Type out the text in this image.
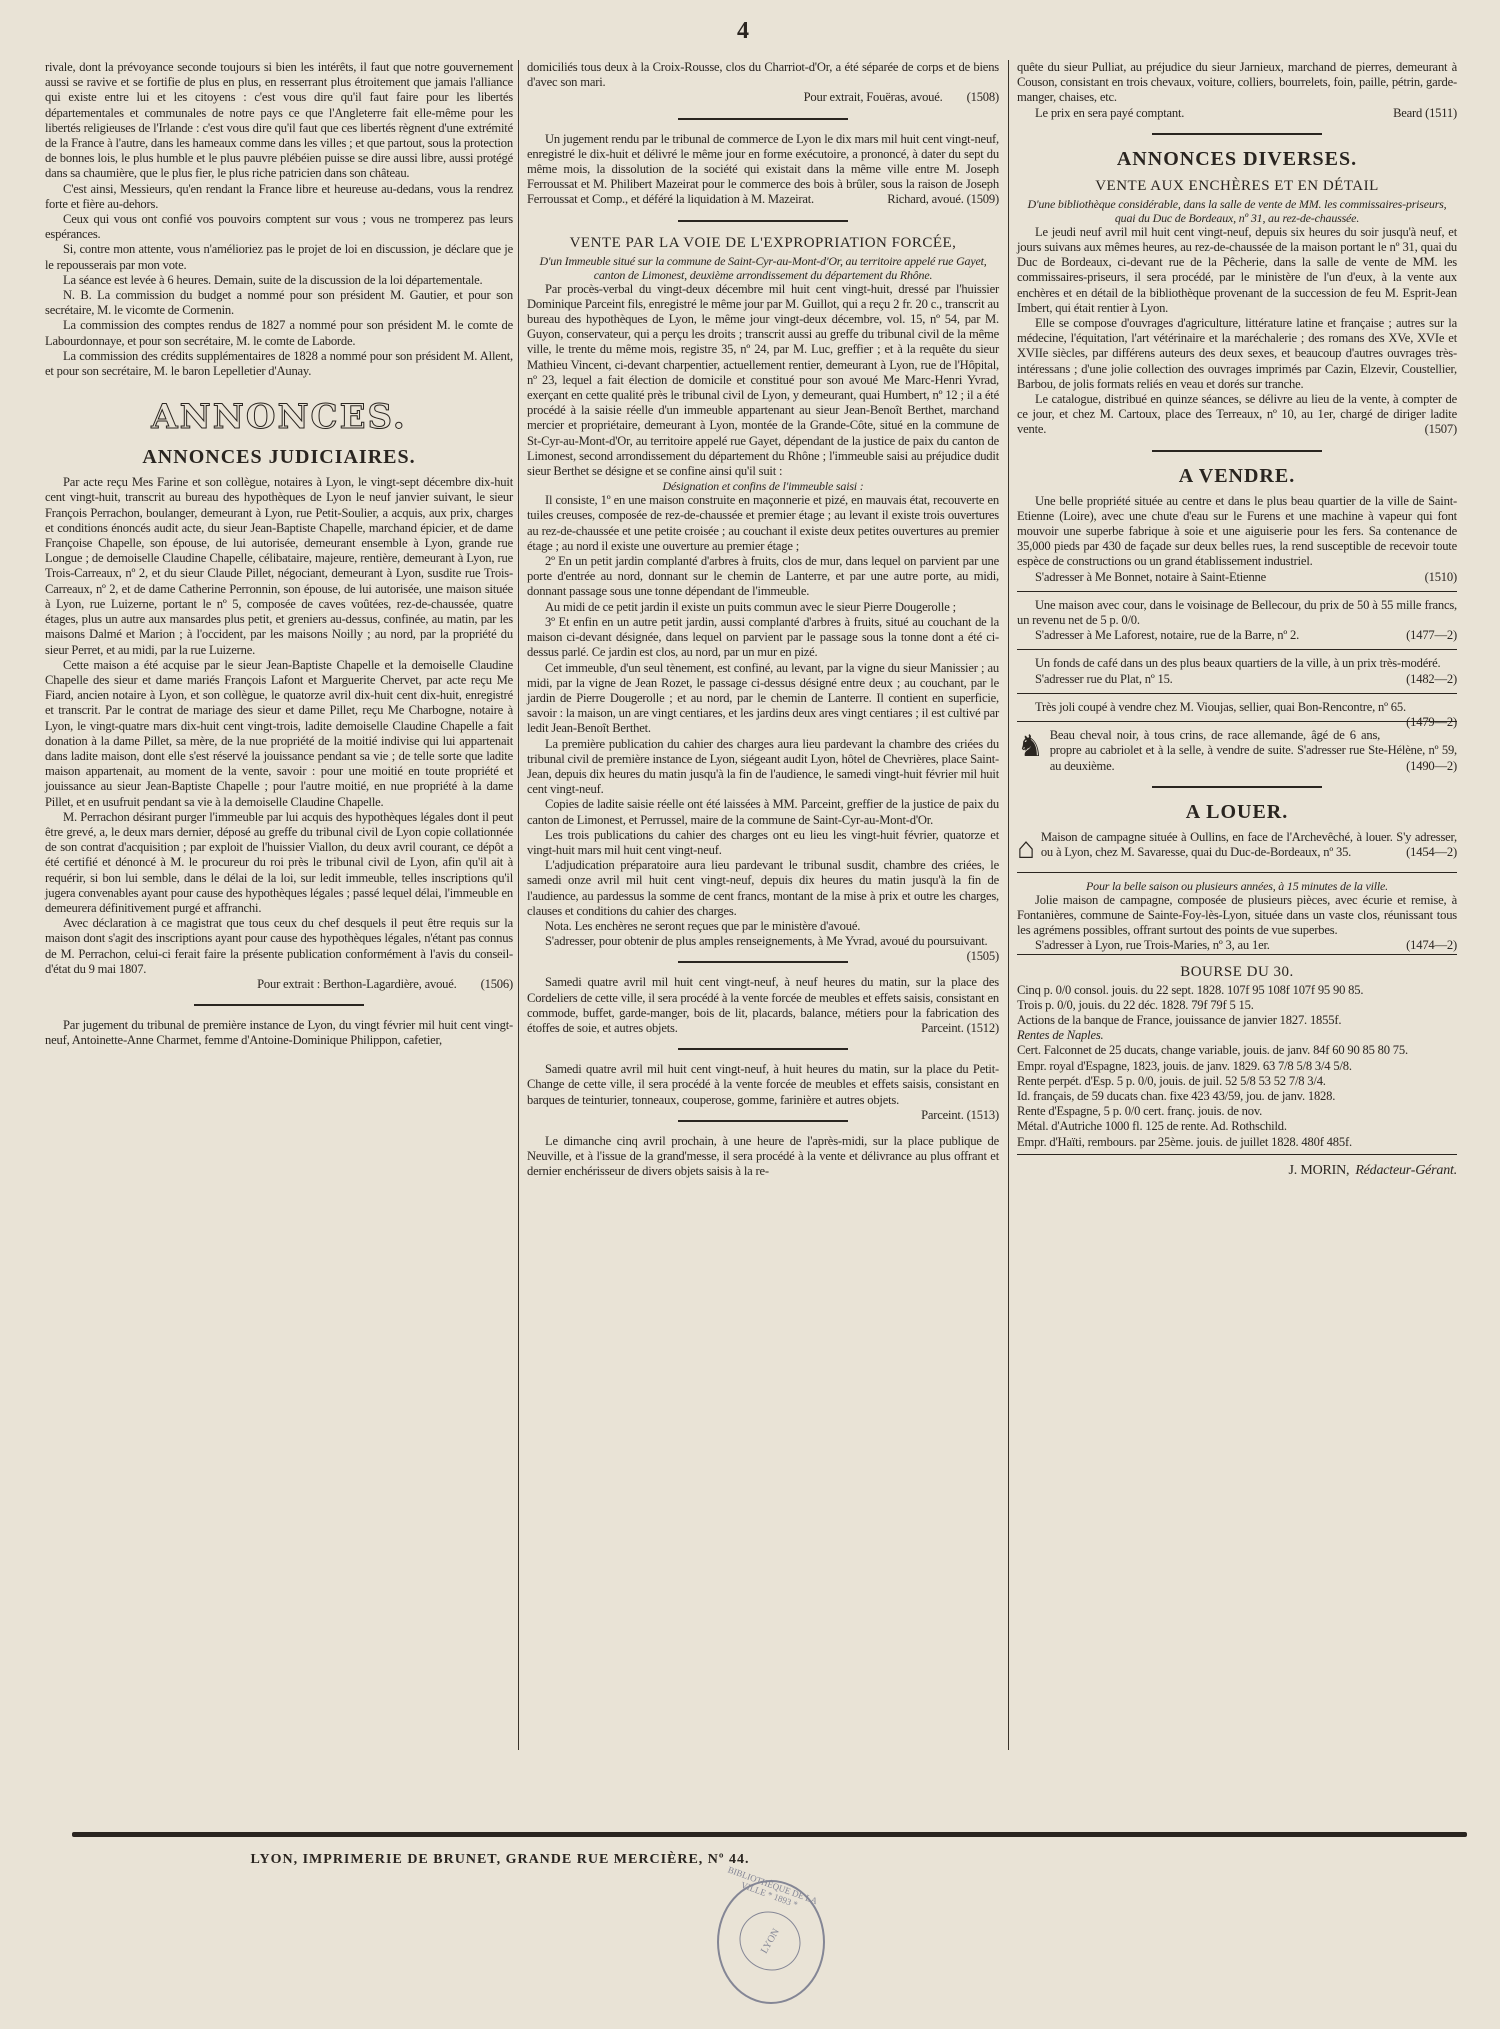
4

rivale, dont la prévoyance seconde toujours si bien les intérêts, il faut que notre gouvernement aussi se ravive et se fortifie de plus en plus, en resserrant plus étroitement que jamais l'alliance qui existe entre lui et les citoyens : c'est vous dire qu'il faut faire pour les libertés départementales et communales de notre pays ce que l'Angleterre fait elle-même pour les libertés religieuses de l'Irlande : c'est vous dire qu'il faut que ces libertés règnent d'une extrémité de la France à l'autre, dans les hameaux comme dans les villes ; et que partout, sous la protection de bonnes lois, le plus humble et le plus pauvre plébéien puisse se dire aussi libre, aussi protégé dans sa chaumière, que le plus fier, le plus riche patricien dans son château.

C'est ainsi, Messieurs, qu'en rendant la France libre et heureuse au-dedans, vous la rendrez forte et fière au-dehors.

Ceux qui vous ont confié vos pouvoirs comptent sur vous ; vous ne tromperez pas leurs espérances.

Si, contre mon attente, vous n'amélioriez pas le projet de loi en discussion, je déclare que je le repousserais par mon vote.

La séance est levée à 6 heures. Demain, suite de la discussion de la loi départementale.

N. B. La commission du budget a nommé pour son président M. Gautier, et pour son secrétaire, M. le vicomte de Cormenin.

La commission des comptes rendus de 1827 a nommé pour son président M. le comte de Labourdonnaye, et pour son secrétaire, M. le comte de Laborde.

La commission des crédits supplémentaires de 1828 a nommé pour son président M. Allent, et pour son secrétaire, M. le baron Lepelletier d'Aunay.

ANNONCES.
ANNONCES JUDICIAIRES.

Par acte reçu Mes Farine et son collègue, notaires à Lyon, le vingt-sept décembre dix-huit cent vingt-huit, transcrit au bureau des hypothèques de Lyon le neuf janvier suivant, le sieur François Perrachon, boulanger, demeurant à Lyon, rue Petit-Soulier, a acquis, aux prix, charges et conditions énoncés audit acte, du sieur Jean-Baptiste Chapelle, marchand épicier, et de dame Françoise Chapelle, son épouse, de lui autorisée, demeurant ensemble à Lyon, grande rue Longue ; de demoiselle Claudine Chapelle, célibataire, majeure, rentière, demeurant à Lyon, rue Trois-Carreaux, nº 2, et du sieur Claude Pillet, négociant, demeurant à Lyon, susdite rue Trois-Carreaux, nº 2, et de dame Catherine Perronnin, son épouse, de lui autorisée, une maison située à Lyon, rue Luizerne, portant le nº 5, composée de caves voûtées, rez-de-chaussée, quatre étages, plus un autre aux mansardes plus petit, et greniers au-dessus, confinée, au matin, par les maisons Dalmé et Marion ; à l'occident, par les maisons Noilly ; au nord, par la propriété du sieur Perret, et au midi, par la rue Luizerne.

Cette maison a été acquise par le sieur Jean-Baptiste Chapelle et la demoiselle Claudine Chapelle des sieur et dame mariés François Lafont et Marguerite Chervet, par acte reçu Me Fiard, ancien notaire à Lyon, et son collègue, le quatorze avril dix-huit cent dix-huit, enregistré et transcrit. Par le contrat de mariage des sieur et dame Pillet, reçu Me Charbogne, notaire à Lyon, le vingt-quatre mars dix-huit cent vingt-trois, ladite demoiselle Claudine Chapelle a fait donation à la dame Pillet, sa mère, de la nue propriété de la moitié indivise qui lui appartenait dans ladite maison, dont elle s'est réservé la jouissance pendant sa vie ; de telle sorte que ladite maison appartenait, au moment de la vente, savoir : pour une moitié en toute propriété et jouissance au sieur Jean-Baptiste Chapelle ; pour l'autre moitié, en nue propriété à la dame Pillet, et en usufruit pendant sa vie à la demoiselle Claudine Chapelle.

M. Perrachon désirant purger l'immeuble par lui acquis des hypothèques légales dont il peut être grevé, a, le deux mars dernier, déposé au greffe du tribunal civil de Lyon copie collationnée de son contrat d'acquisition ; par exploit de l'huissier Viallon, du deux avril courant, ce dépôt a été certifié et dénoncé à M. le procureur du roi près le tribunal civil de Lyon, afin qu'il ait à requérir, si bon lui semble, dans le délai de la loi, sur ledit immeuble, telles inscriptions qu'il jugera convenables ayant pour cause des hypothèques légales ; passé lequel délai, l'immeuble en demeurera définitivement purgé et affranchi.

Avec déclaration à ce magistrat que tous ceux du chef desquels il peut être requis sur la maison dont s'agit des inscriptions ayant pour cause des hypothèques légales, n'étant pas connus de M. Perrachon, celui-ci ferait faire la présente publication conformément à l'avis du conseil-d'état du 9 mai 1807.

Pour extrait : Berthon-Lagardière, avoué. (1506)

Par jugement du tribunal de première instance de Lyon, du vingt février mil huit cent vingt-neuf, Antoinette-Anne Charmet, femme d'Antoine-Dominique Philippon, cafetier,

domiciliés tous deux à la Croix-Rousse, clos du Charriot-d'Or, a été séparée de corps et de biens d'avec son mari.

Pour extrait, Fouëras, avoué. (1508)

Un jugement rendu par le tribunal de commerce de Lyon le dix mars mil huit cent vingt-neuf, enregistré le dix-huit et délivré le même jour en forme exécutoire, a prononcé, à dater du sept du même mois, la dissolution de la société qui existait dans la même ville entre M. Joseph Ferroussat et M. Philibert Mazeirat pour le commerce des bois à brûler, sous la raison de Joseph Ferroussat et Comp., et déféré la liquidation à M. Mazeirat.	Richard, avoué. (1509)

VENTE PAR LA VOIE DE L'EXPROPRIATION FORCÉE,

D'un Immeuble situé sur la commune de Saint-Cyr-au-Mont-d'Or, au territoire appelé rue Gayet, canton de Limonest, deuxième arrondissement du département du Rhône.

Par procès-verbal du vingt-deux décembre mil huit cent vingt-huit, dressé par l'huissier Dominique Parceint fils, enregistré le même jour par M. Guillot, qui a reçu 2 fr. 20 c., transcrit au bureau des hypothèques de Lyon, le même jour vingt-deux décembre, vol. 15, nº 54, par M. Guyon, conservateur, qui a perçu les droits ; transcrit aussi au greffe du tribunal civil de la même ville, le trente du même mois, registre 35, nº 24, par M. Luc, greffier ; et à la requête du sieur Mathieu Vincent, ci-devant charpentier, actuellement rentier, demeurant à Lyon, rue de l'Hôpital, nº 23, lequel a fait élection de domicile et constitué pour son avoué Me Marc-Henri Yvrad, exerçant en cette qualité près le tribunal civil de Lyon, y demeurant, quai Humbert, nº 12 ; il a été procédé à la saisie réelle d'un immeuble appartenant au sieur Jean-Benoît Berthet, marchand mercier et propriétaire, demeurant à Lyon, montée de la Grande-Côte, situé en la commune de St-Cyr-au-Mont-d'Or, au territoire appelé rue Gayet, dépendant de la justice de paix du canton de Limonest, second arrondissement du département du Rhône ; l'immeuble saisi au préjudice dudit sieur Berthet se désigne et se confine ainsi qu'il suit :

Désignation et confins de l'immeuble saisi :

Il consiste, 1º en une maison construite en maçonnerie et pizé, en mauvais état, recouverte en tuiles creuses, composée de rez-de-chaussée et premier étage ; au levant il existe trois ouvertures au rez-de-chaussée et une petite croisée ; au couchant il existe deux petites ouvertures au premier étage ; au nord il existe une ouverture au premier étage ;

2º En un petit jardin complanté d'arbres à fruits, clos de mur, dans lequel on parvient par une porte d'entrée au nord, donnant sur le chemin de Lanterre, et par une autre porte, au midi, donnant passage sous une tonne dépendant de l'immeuble.

Au midi de ce petit jardin il existe un puits commun avec le sieur Pierre Dougerolle ;

3º Et enfin en un autre petit jardin, aussi complanté d'arbres à fruits, situé au couchant de la maison ci-devant désignée, dans lequel on parvient par le passage sous la tonne dont a été ci-dessus parlé. Ce jardin est clos, au nord, par un mur en pizé.

Cet immeuble, d'un seul tènement, est confiné, au levant, par la vigne du sieur Manissier ; au midi, par la vigne de Jean Rozet, le passage ci-dessus désigné entre deux ; au couchant, par le jardin de Pierre Dougerolle ; et au nord, par le chemin de Lanterre. Il contient en superficie, savoir : la maison, un are vingt centiares, et les jardins deux ares vingt centiares ; il est cultivé par ledit Jean-Benoît Berthet.

La première publication du cahier des charges aura lieu pardevant la chambre des criées du tribunal civil de première instance de Lyon, siégeant audit Lyon, hôtel de Chevrières, place Saint-Jean, depuis dix heures du matin jusqu'à la fin de l'audience, le samedi vingt-huit février mil huit cent vingt-neuf.

Copies de ladite saisie réelle ont été laissées à MM. Parceint, greffier de la justice de paix du canton de Limonest, et Perrussel, maire de la commune de Saint-Cyr-au-Mont-d'Or.

Les trois publications du cahier des charges ont eu lieu les vingt-huit février, quatorze et vingt-huit mars mil huit cent vingt-neuf.

L'adjudication préparatoire aura lieu pardevant le tribunal susdit, chambre des criées, le samedi onze avril mil huit cent vingt-neuf, depuis dix heures du matin jusqu'à la fin de l'audience, au pardessus la somme de cent francs, montant de la mise à prix et outre les charges, clauses et conditions du cahier des charges.

Nota. Les enchères ne seront reçues que par le ministère d'avoué.

S'adresser, pour obtenir de plus amples renseignements, à Me Yvrad, avoué du poursuivant.
(1505)

Samedi quatre avril mil huit cent vingt-neuf, à neuf heures du matin, sur la place des Cordeliers de cette ville, il sera procédé à la vente forcée de meubles et effets saisis, consistant en commode, buffet, garde-manger, bois de lit, placards, balance, métiers pour la fabrication des étoffes de soie, et autres objets.	Parceint. (1512)

Samedi quatre avril mil huit cent vingt-neuf, à huit heures du matin, sur la place du Petit-Change de cette ville, il sera procédé à la vente forcée de meubles et effets saisis, consistant en barques de teinturier, tonneaux, couperose, gomme, farinière et autres objets.
Parceint. (1513)

Le dimanche cinq avril prochain, à une heure de l'après-midi, sur la place publique de Neuville, et à l'issue de la grand'messe, il sera procédé à la vente et délivrance au plus offrant et dernier enchérisseur de divers objets saisis à la re-

quête du sieur Pulliat, au préjudice du sieur Jarnieux, marchand de pierres, demeurant à Couson, consistant en trois chevaux, voiture, colliers, bourrelets, foin, paille, pétrin, garde-manger, chaises, etc.

Le prix en sera payé comptant.	Beard (1511)

ANNONCES DIVERSES.
VENTE AUX ENCHÈRES ET EN DÉTAIL

D'une bibliothèque considérable, dans la salle de vente de MM. les commissaires-priseurs, quai du Duc de Bordeaux, nº 31, au rez-de-chaussée.

Le jeudi neuf avril mil huit cent vingt-neuf, depuis six heures du soir jusqu'à neuf, et jours suivans aux mêmes heures, au rez-de-chaussée de la maison portant le nº 31, quai du Duc de Bordeaux, ci-devant rue de la Pêcherie, dans la salle de vente de MM. les commissaires-priseurs, il sera procédé, par le ministère de l'un d'eux, à la vente aux enchères et en détail de la bibliothèque provenant de la succession de feu M. Esprit-Jean Imbert, qui était rentier à Lyon.

Elle se compose d'ouvrages d'agriculture, littérature latine et française ; autres sur la médecine, l'équitation, l'art vétérinaire et la maréchalerie ; des romans des XVe, XVIe et XVIIe siècles, par différens auteurs des deux sexes, et beaucoup d'autres ouvrages très-intéressans ; d'une jolie collection des ouvrages imprimés par Cazin, Elzevir, Coustellier, Barbou, de jolis formats reliés en veau et dorés sur tranche.

Le catalogue, distribué en quinze séances, se délivre au lieu de la vente, à compter de ce jour, et chez M. Cartoux, place des Terreaux, nº 10, au 1er, chargé de diriger ladite vente.	(1507)

A VENDRE.

Une belle propriété située au centre et dans le plus beau quartier de la ville de Saint-Etienne (Loire), avec une chute d'eau sur le Furens et une machine à vapeur qui font mouvoir une superbe fabrique à soie et une aiguiserie pour les fers. Sa contenance de 35,000 pieds par 430 de façade sur deux belles rues, la rend susceptible de recevoir toute espèce de constructions ou un grand établissement industriel.

S'adresser à Me Bonnet, notaire à Saint-Etienne	(1510)

Une maison avec cour, dans le voisinage de Bellecour, du prix de 50 à 55 mille francs, un revenu net de 5 p. 0/0.

S'adresser à Me Laforest, notaire, rue de la Barre, nº 2.	(1477—2)

Un fonds de café dans un des plus beaux quartiers de la ville, à un prix très-modéré.

S'adresser rue du Plat, nº 15.	(1482—2)

Très joli coupé à vendre chez M. Vioujas, sellier, quai Bon-Rencontre, nº 65.
(1479—2)

♞ Beau cheval noir, à tous crins, de race allemande, âgé de 6 ans, propre au cabriolet et à la selle, à vendre de suite. S'adresser rue Ste-Hélène, nº 59, au deuxième.	(1490—2)

A LOUER.

⌂ Maison de campagne située à Oullins, en face de l'Archevêché, à louer. S'y adresser, ou à Lyon, chez M. Savaresse, quai du Duc-de-Bordeaux, nº 35.	(1454—2)

Pour la belle saison ou plusieurs années, à 15 minutes de la ville.

Jolie maison de campagne, composée de plusieurs pièces, avec écurie et remise, à Fontanières, commune de Sainte-Foy-lès-Lyon, située dans un vaste clos, réunissant tous les agrémens possibles, offrant surtout des points de vue superbes.

S'adresser à Lyon, rue Trois-Maries, nº 3, au 1er.	(1474—2)

BOURSE DU 30.

Cinq p. 0/0 consol. jouis. du 22 sept. 1828. 107f 95 108f 107f 95 90 85.

Trois p. 0/0, jouis. du 22 déc. 1828. 79f 79f 5 15.

Actions de la banque de France, jouissance de janvier 1827. 1855f.

Rentes de Naples.

Cert. Falconnet de 25 ducats, change variable, jouis. de janv. 84f 60 90 85 80 75.

Empr. royal d'Espagne, 1823, jouis. de janv. 1829. 63 7/8 5/8 3/4 5/8.

Rente perpét. d'Esp. 5 p. 0/0, jouis. de juil. 52 5/8 53 52 7/8 3/4.

Id. français, de 59 ducats chan. fixe 423 43/59, jou. de janv. 1828.

Rente d'Espagne, 5 p. 0/0 cert. franç. jouis. de nov.

Métal. d'Autriche 1000 fl. 125 de rente. Ad. Rothschild.

Empr. d'Haïti, rembours. par 25ème. jouis. de juillet 1828. 480f 485f.

J. MORIN, Rédacteur-Gérant.
LYON, IMPRIMERIE DE BRUNET, GRANDE RUE MERCIÈRE, Nº 44.
BIBLIOTHÈQUE DE LA VILLE * 1893 *
LYON
